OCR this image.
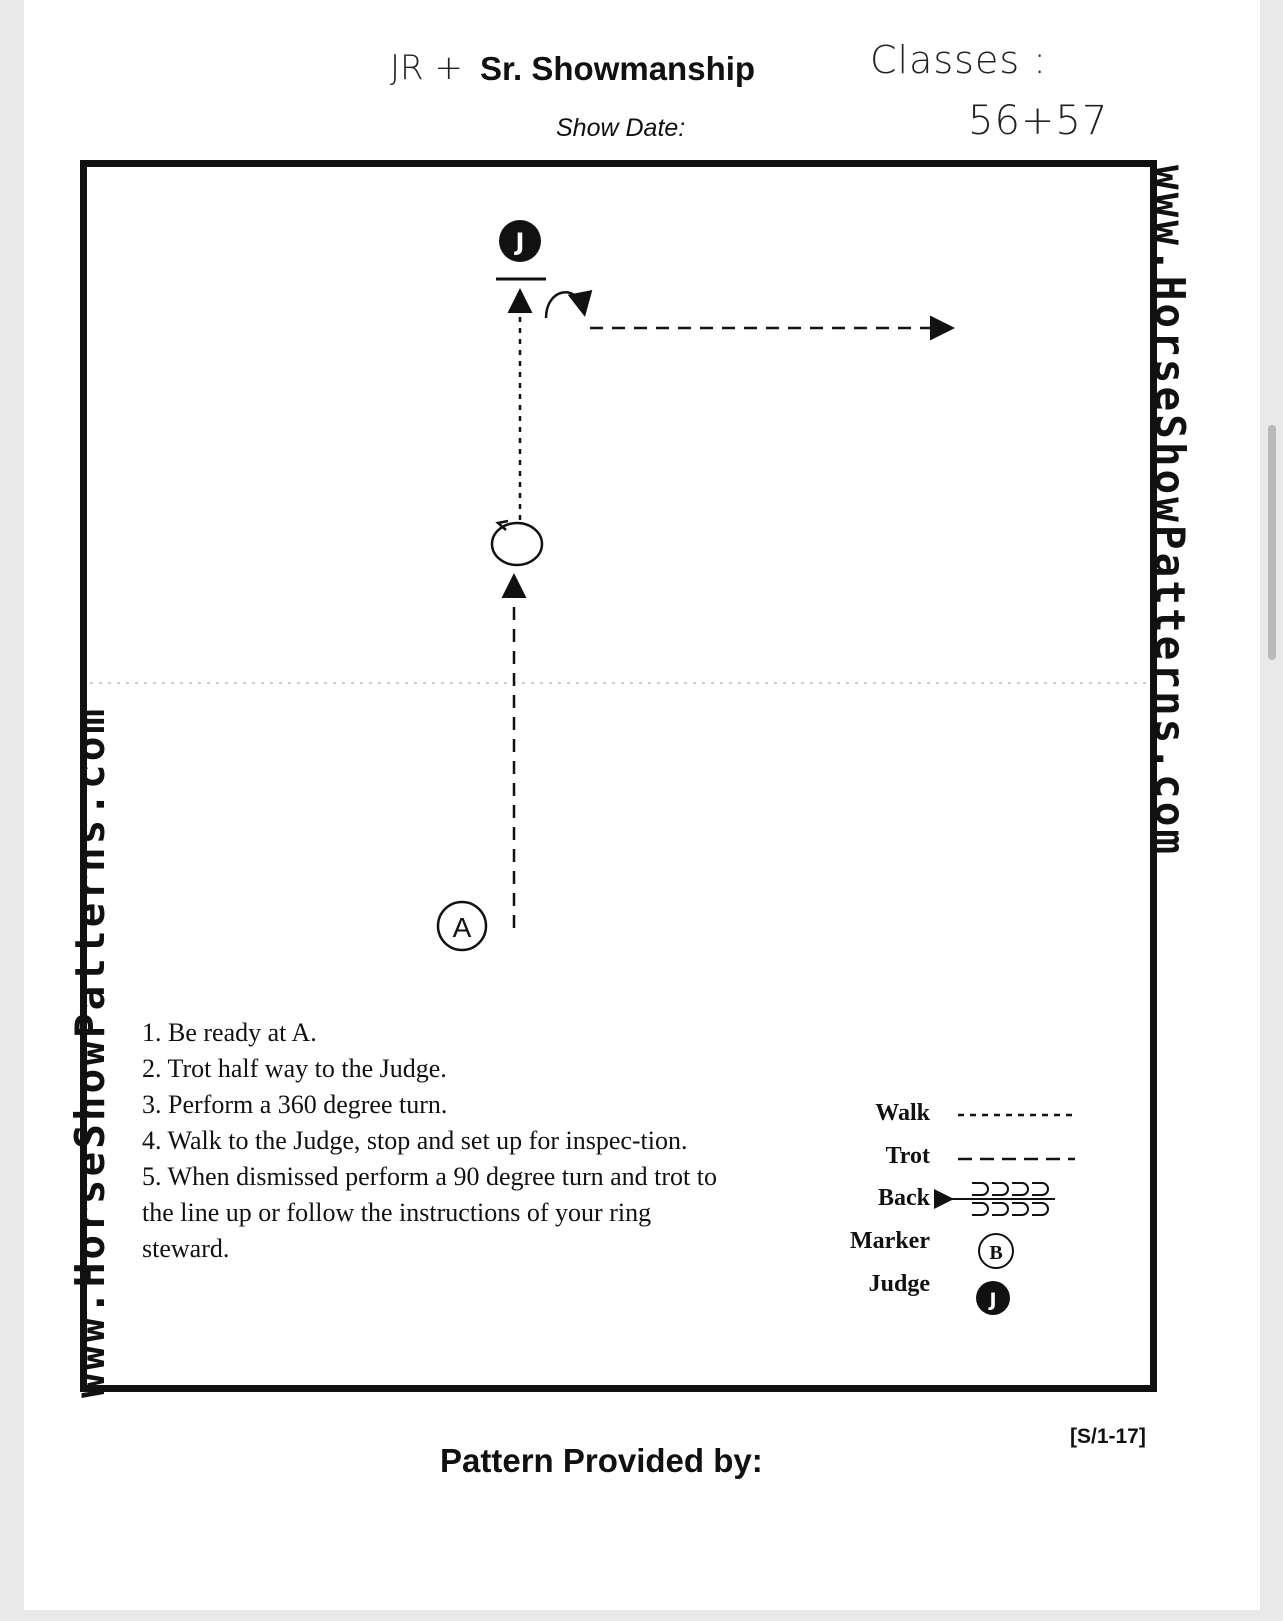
JR + Sr. Showmanship
Show Date:
Classes :
56+57
www.HorseShowPatterns.com
www.HorseShowPatterns.com
J
A
B
J
1. Be ready at A.
2. Trot half way to the Judge.
3. Perform a 360 degree turn.
4. Walk to the Judge, stop and set up for inspec-tion.
5. When dismissed perform a 90 degree turn and trot to the line up or follow the instructions of your ring steward.
Walk
Trot
Back
Marker
Judge
[S/1-17]
Pattern Provided by:
